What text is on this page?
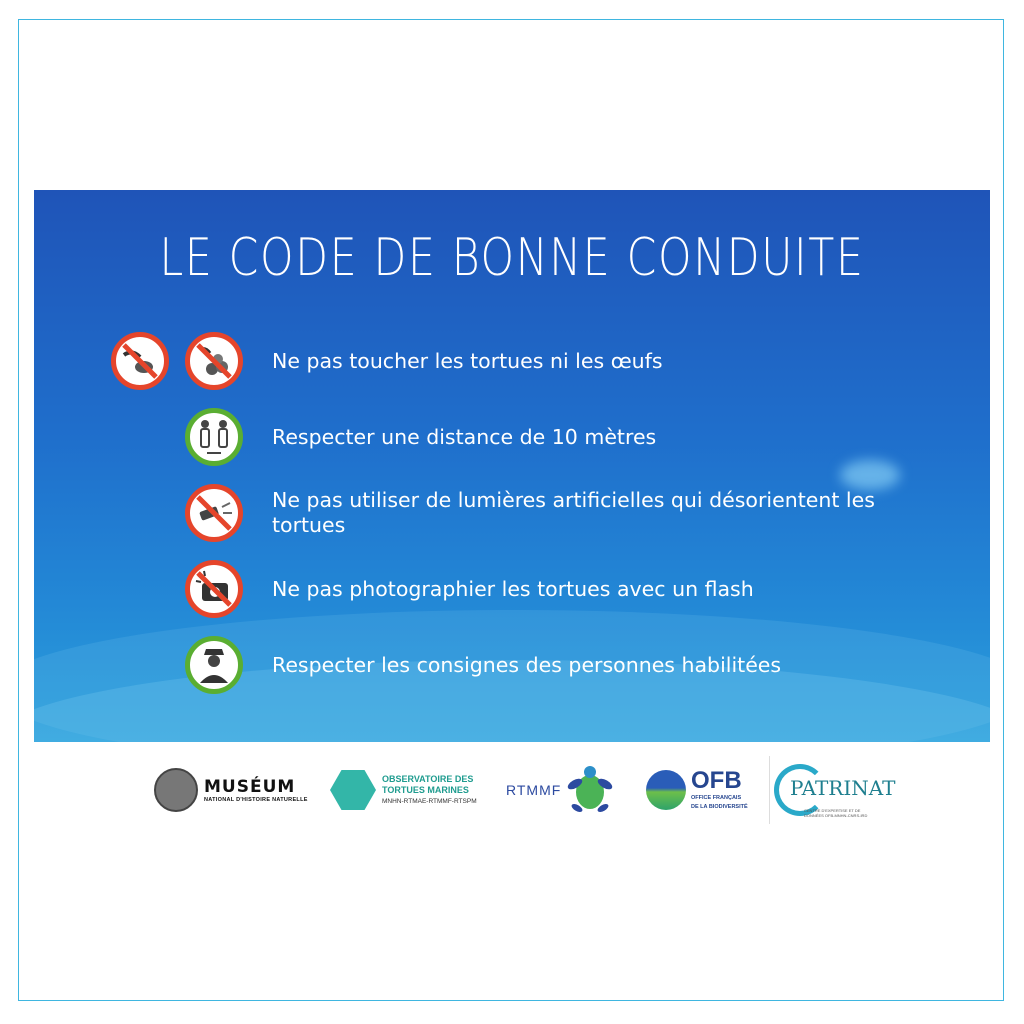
LE CODE DE BONNE CONDUITE
Ne pas toucher les tortues ni les œufs
Respecter une distance de 10 mètres
Ne pas utiliser de lumières artificielles qui désorientent les tortues
Ne pas photographier les tortues avec un flash
Respecter les consignes des personnes habilitées
MUSÉUM
NATIONAL D'HISTOIRE NATURELLE
OBSERVATOIRE DES
TORTUES MARINES
MNHN-RTMAE-RTMMF-RTSPM
RTMMF	OFB
OFFICE FRANÇAIS
DE LA BIODIVERSITÉ
PATRINAT
CENTRE D'EXPERTISE ET DE DONNÉES OFB-MNHN-CNRS-IRD
